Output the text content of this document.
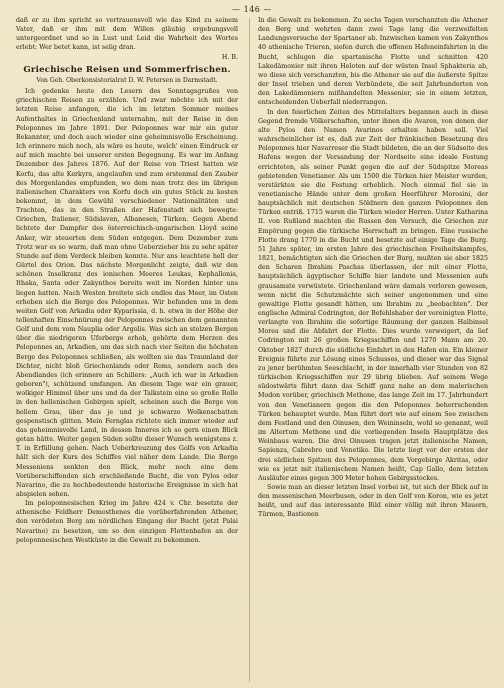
— 146 —

daß er zu ihm spricht so vertrauensvoll wie das Kind zu seinem Vater, daß er ihm mit dem Willen gläubig ergebungsvoll untergeordnet und so in Lust und Leid die Wahrheit des Wortes erlebt: Wer betet kann, ist selig dran.

H. B.
Griechische Reisen und Sommerfrischen.
Von Geh. Oberkonsistorialrat D. W. Petersen in Darmstadt.

Ich gedenke heute den Lesern des Sonntagsgrußes von griechischen Reisen zu erzählen. Und zwar möchte ich mit der letzten Reise anfangen, die ich im letzten Sommer meines Aufenthaltes in Griechenland unternahm, mit der Reise in den Peloponnes im Jahre 1891. Der Peloponnes war mir ein guter Bekannter, und doch auch wieder eine geheimnisvolle Erscheinung. Ich erinnere mich noch, als wäre es heute, welch' einen Eindruck er auf mich machte bei unserer ersten Begegnung. Es war im Anfang Dezember des Jahres 1876. Auf der Reise von Triest hatten wir Korfu, das alte Kerkyra, angelaufen und zum erstenmal den Zauber des Morgenlandes empfunden, wo dem man trotz des im übrigen italienischen Charakters von Korfu doch ein gutes Stück zu kosten bekommt, in dem Gewühl verschiedener Nationalitäten und Trachten, das in den Straßen der Hafenstadt sich bewegte: Griechen, Italiener, Südslaven, Albanesen, Türken. Gegen Abend lichtete der Dampfer des österreichisch-ungarischen Lloyd seine Anker, wir steuerten dem Süden entgegen. Dem Dezember zum Trotz war es so warm, daß man ohne Ueberzieher bis zu sehr später Stunde auf dem Verdeck bleiben konnte. Nur ans leuchtete hell der Gürtel des Orion. Das nächste Morgenlicht zeigte, daß wir den schönen Inselkranz des ionischen Meeres Leukas, Kephallonia, Ithaka, Santa oder Zakynthos bereits weit im Norden hinter uns liegen hatten. Nach Westen breitete sich endlos das Meer, im Osten erhoben sich die Berge des Peloponnes. Wir befanden uns in dem weiten Golf von Arkadia oder Kyparissia, d. h. etwa in der Höhe der tellenhaften Einschnürung der Peloponnes zwischen dem genannten Golf und dem vom Nauplia oder Argolis. Was sich an stolzen Bergen über die niedrigeren Uferberge erhob, gehörte dem Herzen des Peloponnes an, Arkadien, um das sich nach vier Seiten die höchsten Berge des Peloponnes schließen, als wollten sie das Traumland der Dichter, nicht bloß Griechenlands oder Roms, sondern auch des Abendlandes (ich erinnere an Schillers: „Auch ich war in Arkadien geboren"), schützend umfangen. An diesem Tage war ein grauer, wolkiger Himmel über uns und da der Talkstein eine so große Rolle in den hellenischen Gebirgen spielt, scheinen auch die Berge von hellem Grau, über das je und je schwarze Wolkenschatten gespenstisch glitten. Mein Fernglas richtete sich immer wieder auf das geheimnisvolle Land, in dessen Inneres ich so gern einen Blick getan hätte. Weiter gegen Süden sollte dieser Wunsch wenigstens z. T. in Erfüllung gehen. Nach Ueberkreuzung des Golfs von Arkadia hält sich der Kurs des Schiffes viel näher dem Lande. Die Berge Messeniens senkten den Blick, mehr noch eine dem Vorüberschiffenden sich erschließende Bucht, die von Pylos oder Navarino, die zu hochbedeutende historische Ereignisse in sich hat abspielen sehen.

Im peloponnesischen Krieg im Jahre 424 v. Chr. besetzte der athenische Feldherr Demosthenes die vorüberfahrenden Athener, den verödeten Berg am nördlichen Eingang der Bucht (jetzt Palai Navarino) zu besetzen, um so den einzigen Flottenhafen an der peloponnesischen Westküste in die Gewalt zu bekommen.

In die Gewalt zu bekommen. Zu sechs Tagen verschanzten die Athener den Berg und wehrten dann zwei Tage lang die verzweifelten Landungsversuche der Spartaner ab. Inzwischen kamen von Zakynthos 40 athenische Trieren, siefen durch die offenen Hafeneinfahrten in die Bucht, schlugen die spartanische Flotte und schnitten 420 Lakedämonier mit ihren Heloten auf der wüsten Insel Sphakteria ab, wo diese sich verschanzten, bis die Athener sie auf die äußerste Spitze der Insel trieben und deren Verbündete, die seit Jahrhunderten von den Lakedämoniern mißhandelten Messenier, sie in einem letzten, entscheidenden Ueberfall niederrangen.

In den feierlichen Zeiten des Mittelalters begannen auch in diese Gegend fremde Völkerschaften, unter ihnen die Avaren, von denen der alte Pylos den Namen Avarinos erhalten haben soll. Viel wahrscheinlicher ist es, daß zur Zeit der fränkischen Besetzung des Peloponnes hier Navarreser die Stadt bildeten, die an der Südseite des Hafens wegen der Versandung der Nordseite eine ideale Festung errichteten, als seiner Punkt gegen die auf der Südspitze Moreas gebietenden Venetianer. Als um 1500 die Türken hier Meister wurden, verstärkten sie die Festung erheblich. Noch einmal fiel sie in venetianische Hände unter dem großen Heerführer Morosini, der hauptsächlich mit deutschen Söldnern den ganzen Peloponnes den Türken entriß. 1715 waren die Türken wieder Herren. Unter Katharina II. von Rußland machten die Russen den Versuch, die Griechen zur Empörung gegen die türkische Herrschaft zu bringen. Eine russische Flotte drang 1770 in die Bucht und besetzte auf einige Tage die Burg. 51 Jahre später, im ersten Jahre des griechischen Freiheitskampfes, 1821, bemächtigten sich die Griechen der Burg, mußten sie aber 1825 den Scharen Ibrahim Paschas überlassen, der mit einer Flotte, hauptsächlich ägyptischer Schiffe hier landete und Messenien aufs grausamste verwüstete. Griechenland wäre damals verloren gewesen, wenn nicht die Schutzmächte sich seiner angenommen und eine gewaltige Flotte gesandt hätten, um Ibrahim zu „beobachten". Der englische Admiral Codrington, der Befehlshaber der vereinigten Flotte, verlangte von Ibrahim die sofortige Räumung der ganzen Halbinsel Morea und die Abfahrt der Flotte. Dies wurde verweigert, da lief Codrington mit 26 großen Kriegsschiffen und 1270 Mann am 20. Oktober 1827 durch die südliche Einfahrt in den Hafen ein. Ein kleiner Ereignis führte zur Lösung eines Schusses, und dieser war das Signal zu jener berühmten Seeschlacht, in der innerhalb vier Stunden von 82 türkischen Kriegsschiffen nur 29 übrig blieben. Auf seinem Wege südostwärts führt dann das Schiff ganz nahe an dem malerischen Modon vorüber, griechisch Methone, das lange Zeit im 17. Jahrhundert von den Venetianern gegen die den Peloponnes beherrschenden Türken behauptet wurde. Man führt dort wie auf einem See zwischen dem Festland und den Oinusen, den Weininseln, wohl so genannt, weil im Altertum Methone und die vorliegenden Inseln Hauptplätze des Weinbaus waren. Die drei Oinusen tragen jetzt italienische Namen, Sapienza, Cabrebre und Venetiko. Die letzte liegt vor der ersten der drei südlichen Spitzen des Peloponnes, dem Vorgebirge Akritas, oder wie es jetzt mit italienischem Namen heißt, Cap Gallo, dem letzten Ausläufer eines gegen 300 Meter hohen Gebirgsstockes.

Sowie man an dieser letzten Insel vorbei ist, tut sich der Blick auf in den messenischen Meerbusen, oder in den Golf von Koron, wie es jetzt heißt, und auf das interessante Bild einer völlig mit ihren Mauern, Türmen, Bastionen
